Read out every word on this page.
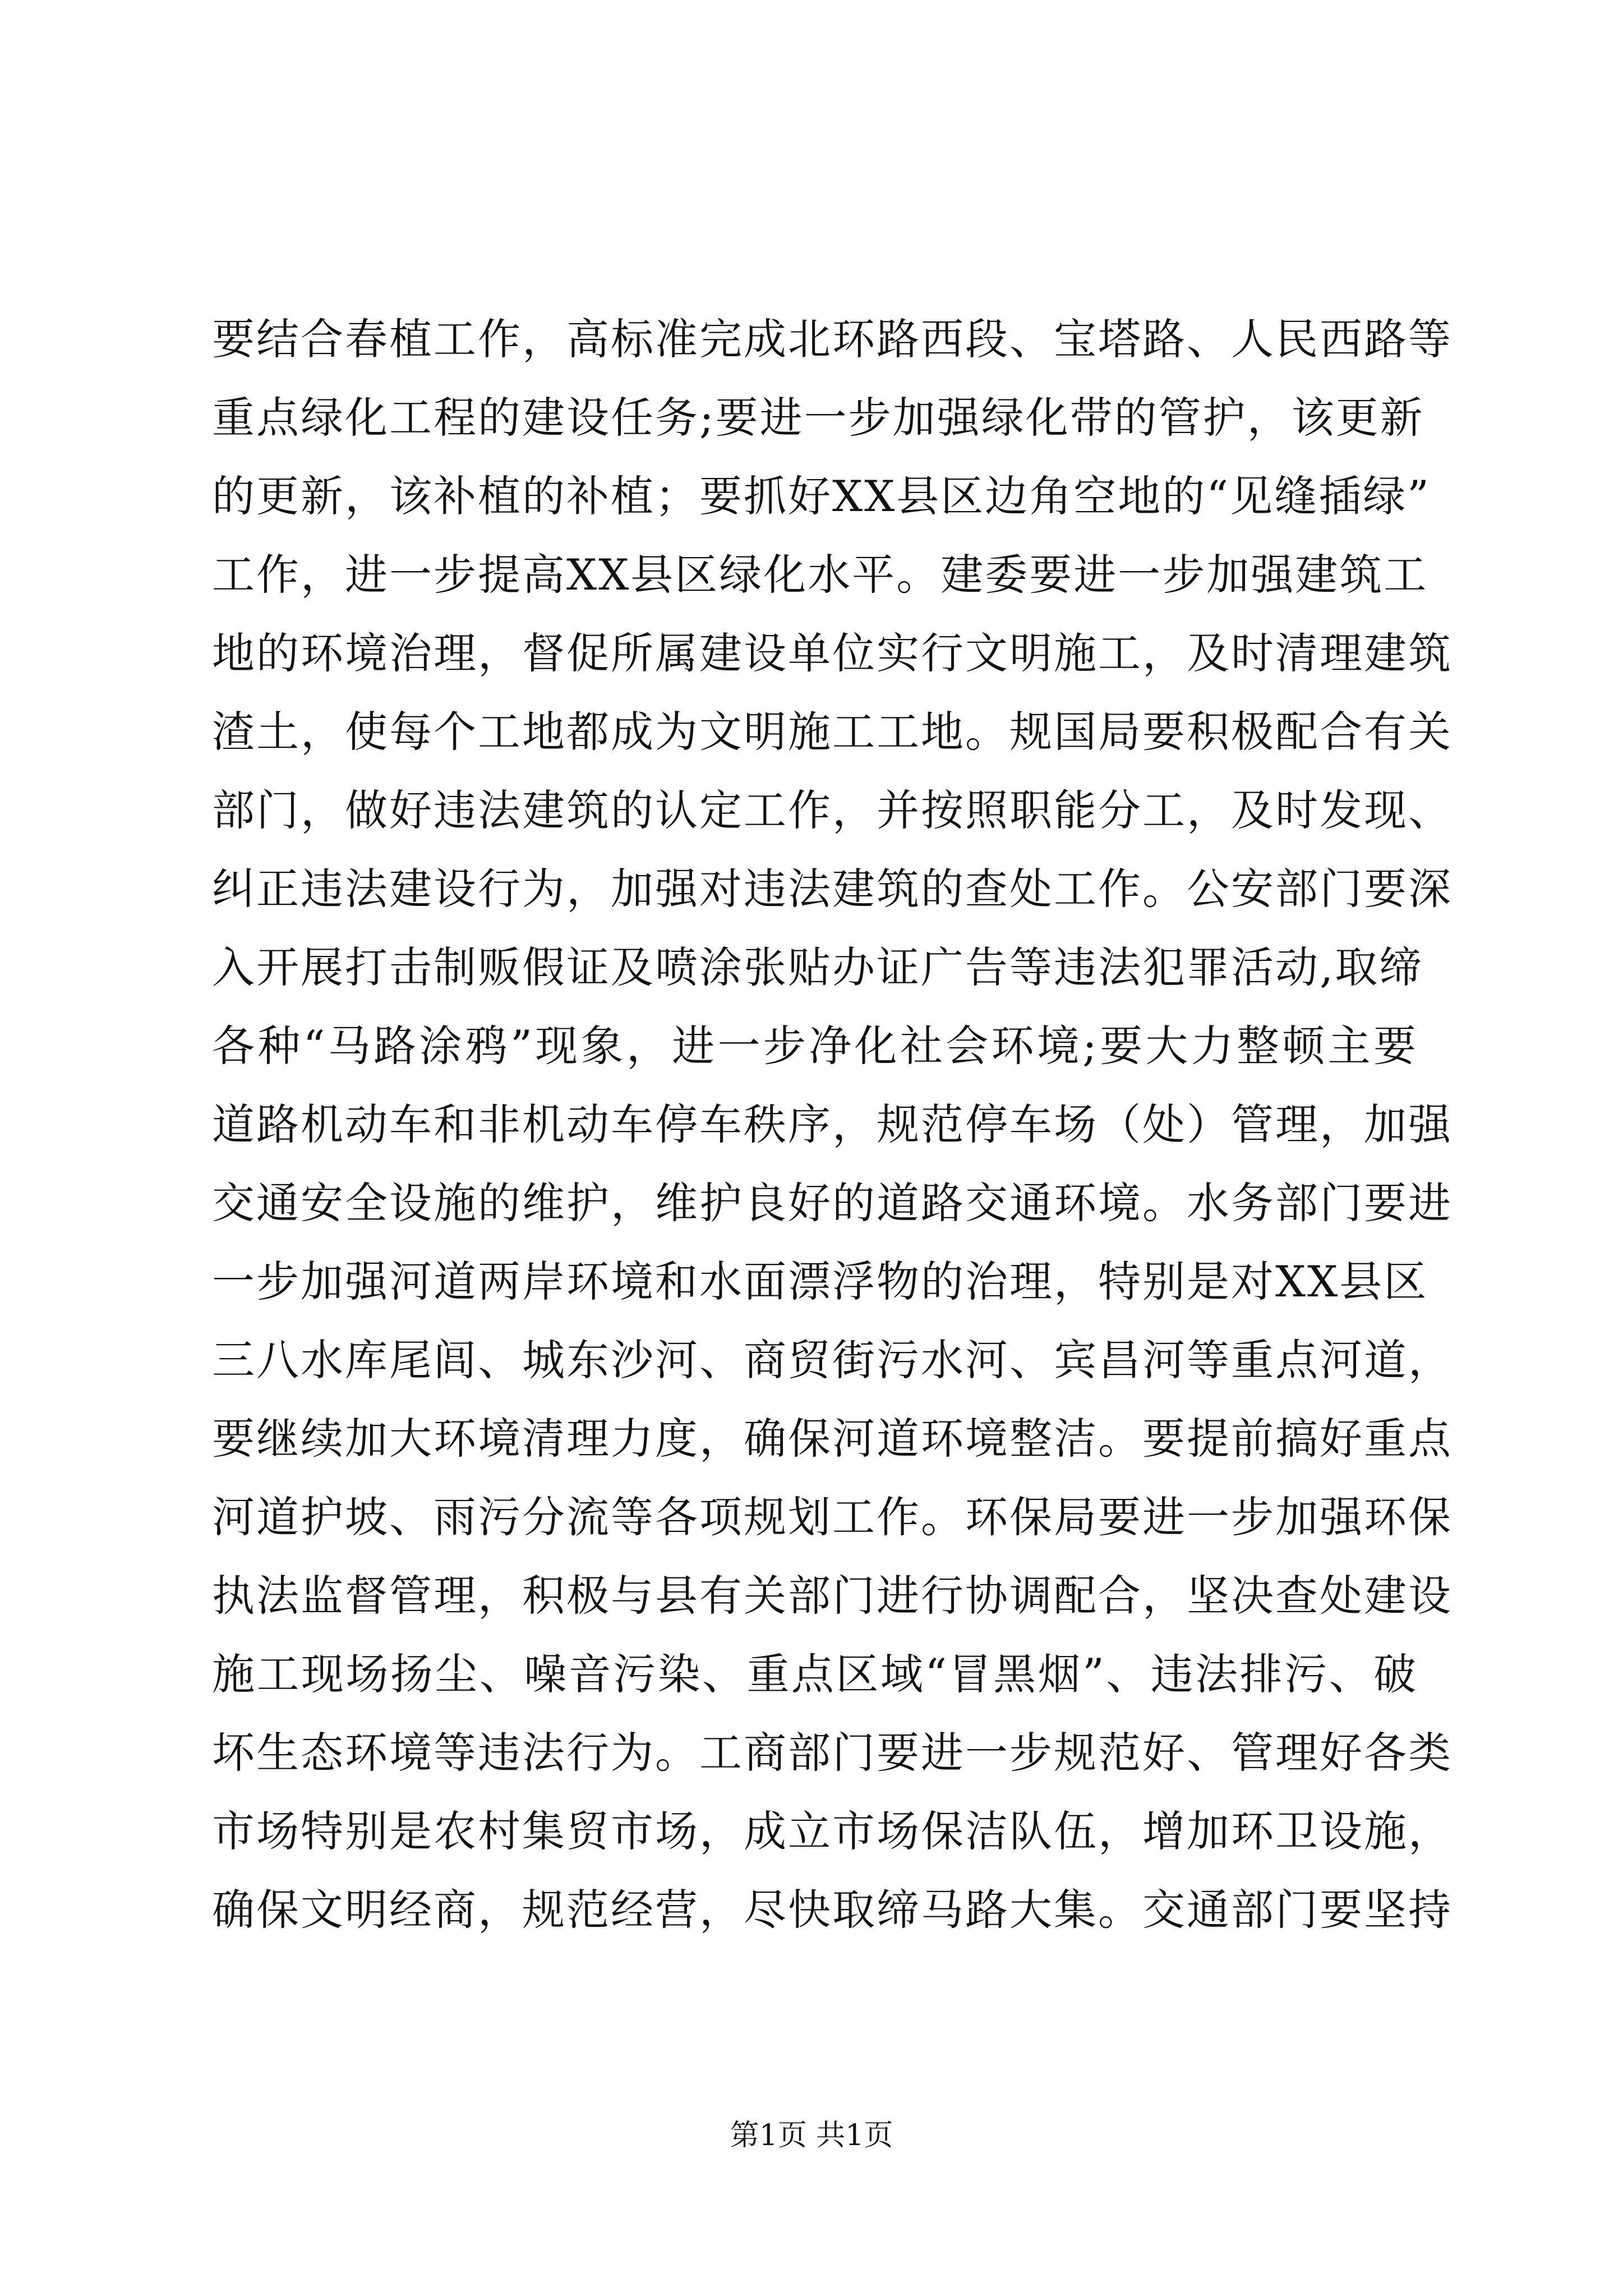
要结合春植工作，高标准完成北环路西段、宝塔路、人民西路等
重点绿化工程的建设任务;要进一步加强绿化带的管护，该更新
的更新，该补植的补植；要抓好XX县区边角空地的“见缝插绿”
工作，进一步提高XX县区绿化水平。建委要进一步加强建筑工
地的环境治理，督促所属建设单位实行文明施工，及时清理建筑
渣土，使每个工地都成为文明施工工地。规国局要积极配合有关
部门，做好违法建筑的认定工作，并按照职能分工，及时发现、
纠正违法建设行为，加强对违法建筑的查处工作。公安部门要深
入开展打击制贩假证及喷涂张贴办证广告等违法犯罪活动,取缔
各种“马路涂鸦”现象，进一步净化社会环境;要大力整顿主要
道路机动车和非机动车停车秩序，规范停车场（处）管理，加强
交通安全设施的维护，维护良好的道路交通环境。水务部门要进
一步加强河道两岸环境和水面漂浮物的治理，特别是对XX县区
三八水库尾闾、城东沙河、商贸街污水河、宾昌河等重点河道，
要继续加大环境清理力度，确保河道环境整洁。要提前搞好重点
河道护坡、雨污分流等各项规划工作。环保局要进一步加强环保
执法监督管理，积极与县有关部门进行协调配合，坚决查处建设
施工现场扬尘、噪音污染、重点区域“冒黑烟”、违法排污、破
坏生态环境等违法行为。工商部门要进一步规范好、管理好各类
市场特别是农村集贸市场，成立市场保洁队伍，增加环卫设施，
确保文明经商，规范经营，尽快取缔马路大集。交通部门要坚持
第1页 共1页
